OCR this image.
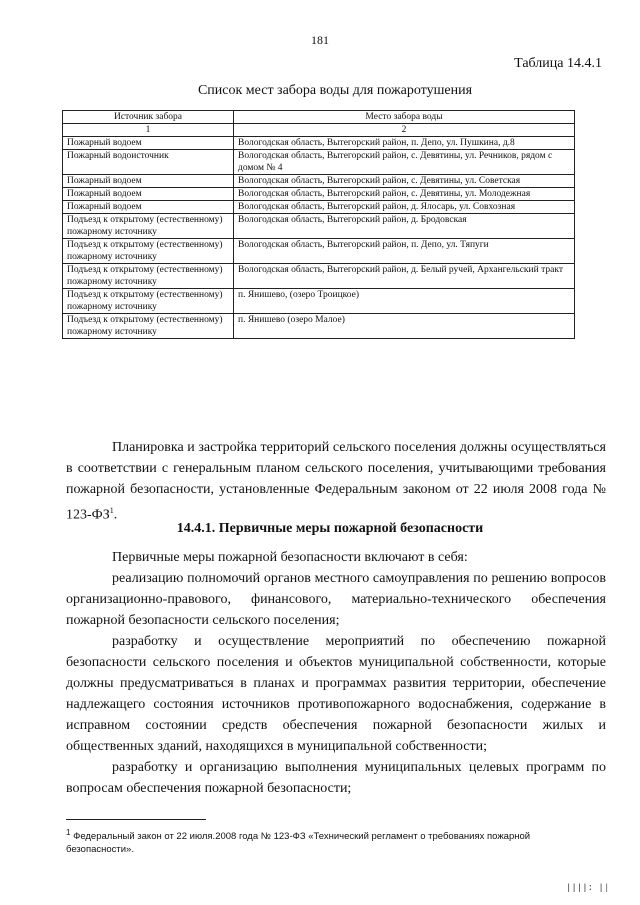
181
Таблица 14.4.1
Список мест забора воды для пожаротушения
Источник забора	Место забора воды
1	2
Пожарный водоем	Вологодская область, Вытегорский район, п. Депо, ул. Пушкина, д.8
Пожарный водоисточник	Вологодская область, Вытегорский район, с. Девятины, ул. Речников, рядом с домом № 4
Пожарный водоем	Вологодская область, Вытегорский район, с. Девятины, ул. Советская
Пожарный водоем	Вологодская область, Вытегорский район, с. Девятины, ул. Молодежная
Пожарный водоем	Вологодская область, Вытегорский район, д. Ялосарь, ул. Совхозная
Подъезд к открытому (естественному) пожарному источнику	Вологодская область, Вытегорский район, д. Бродовская
Подъезд к открытому (естественному) пожарному источнику	Вологодская область, Вытегорский район, п. Депо, ул. Тяпуги
Подъезд к открытому (естественному) пожарному источнику	Вологодская область, Вытегорский район, д. Белый ручей, Архангельский тракт
Подъезд к открытому (естественному) пожарному источнику	п. Янишево, (озеро Троицкое)
Подъезд к открытому (естественному) пожарному источнику	п. Янишево (озеро Малое)

Планировка и застройка территорий сельского поселения должны осуществляться в соответствии с генеральным планом сельского поселения, учитывающими требования пожарной безопасности, установленные Федеральным законом от 22 июля 2008 года № $123-ФЗ^1$.

14.4.1. Первичные меры пожарной безопасности

Первичные меры пожарной безопасности включают в себя:

реализацию полномочий органов местного самоуправления по решению вопросов организационно-правового, финансового, материально-технического обеспечения пожарной безопасности сельского поселения;

разработку и осуществление мероприятий по обеспечению пожарной безопасности сельского поселения и объектов муниципальной собственности, которые должны предусматриваться в планах и программах развития территории, обеспечение надлежащего состояния источников противопожарного водоснабжения, содержание в исправном состоянии средств обеспечения пожарной безопасности жилых и общественных зданий, находящихся в муниципальной собственности;

разработку и организацию выполнения муниципальных целевых программ по вопросам обеспечения пожарной безопасности;

$^1$ Федеральный закон от 22 июля.2008 года № 123-ФЗ «Технический регламент о требованиях пожарной безопасности».
||||: | |
